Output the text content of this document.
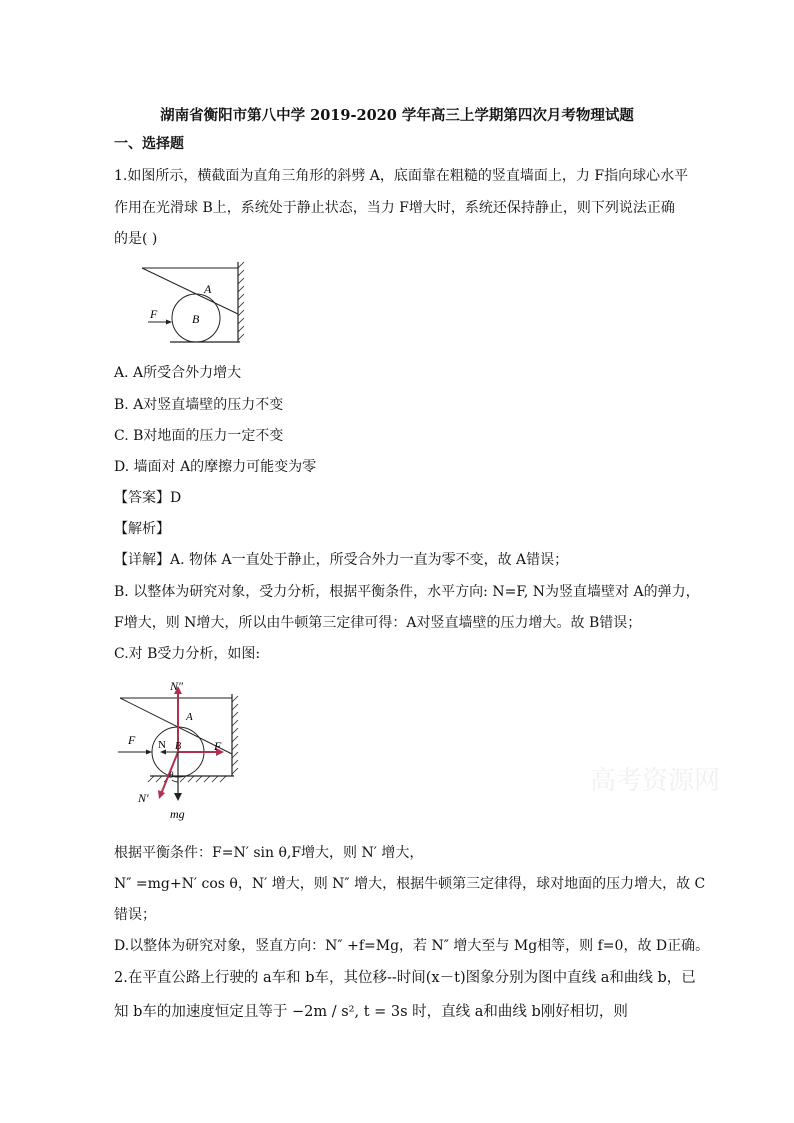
湖南省衡阳市第八中学 2019-2020 学年高三上学期第四次月考物理试题
一、选择题
1.如图所示，横截面为直角三角形的斜劈 A，底面靠在粗糙的竖直墙面上，力 F指向球心水平
作用在光滑球 B上，系统处于静止状态，当力 F增大时，系统还保持静止，则下列说法正确
的是( )
A
B
F
A. A所受合外力增大
B. A对竖直墙壁的压力不变
C. B对地面的压力一定不变
D. 墙面对 A的摩擦力可能变为零
【答案】D
【解析】
【详解】A. 物体 A一直处于静止，所受合外力一直为零不变，故 A错误；
B. 以整体为研究对象，受力分析，根据平衡条件，水平方向: N=F, N为竖直墙壁对 A的弹力，
F增大，则 N增大，所以由牛顿第三定律可得：A对竖直墙壁的压力增大。故 B错误；
C.对 B受力分析，如图:
N″
A
N B
F	F
θ
N′
mg
高考资源网
根据平衡条件：F=N′ sin θ,F增大，则 N′ 增大，
N″ =mg+N′ cos θ，N′ 增大，则 N″ 增大，根据牛顿第三定律得，球对地面的压力增大，故 C
错误；
D.以整体为研究对象，竖直方向：N″ +f=Mg，若 N″ 增大至与 Mg相等，则 f=0，故 D正确。
2.在平直公路上行驶的 a车和 b车，其位移--时间(x－t)图象分别为图中直线 a和曲线 b，已
知 b车的加速度恒定且等于 −2m / s², t = 3s 时，直线 a和曲线 b刚好相切，则
